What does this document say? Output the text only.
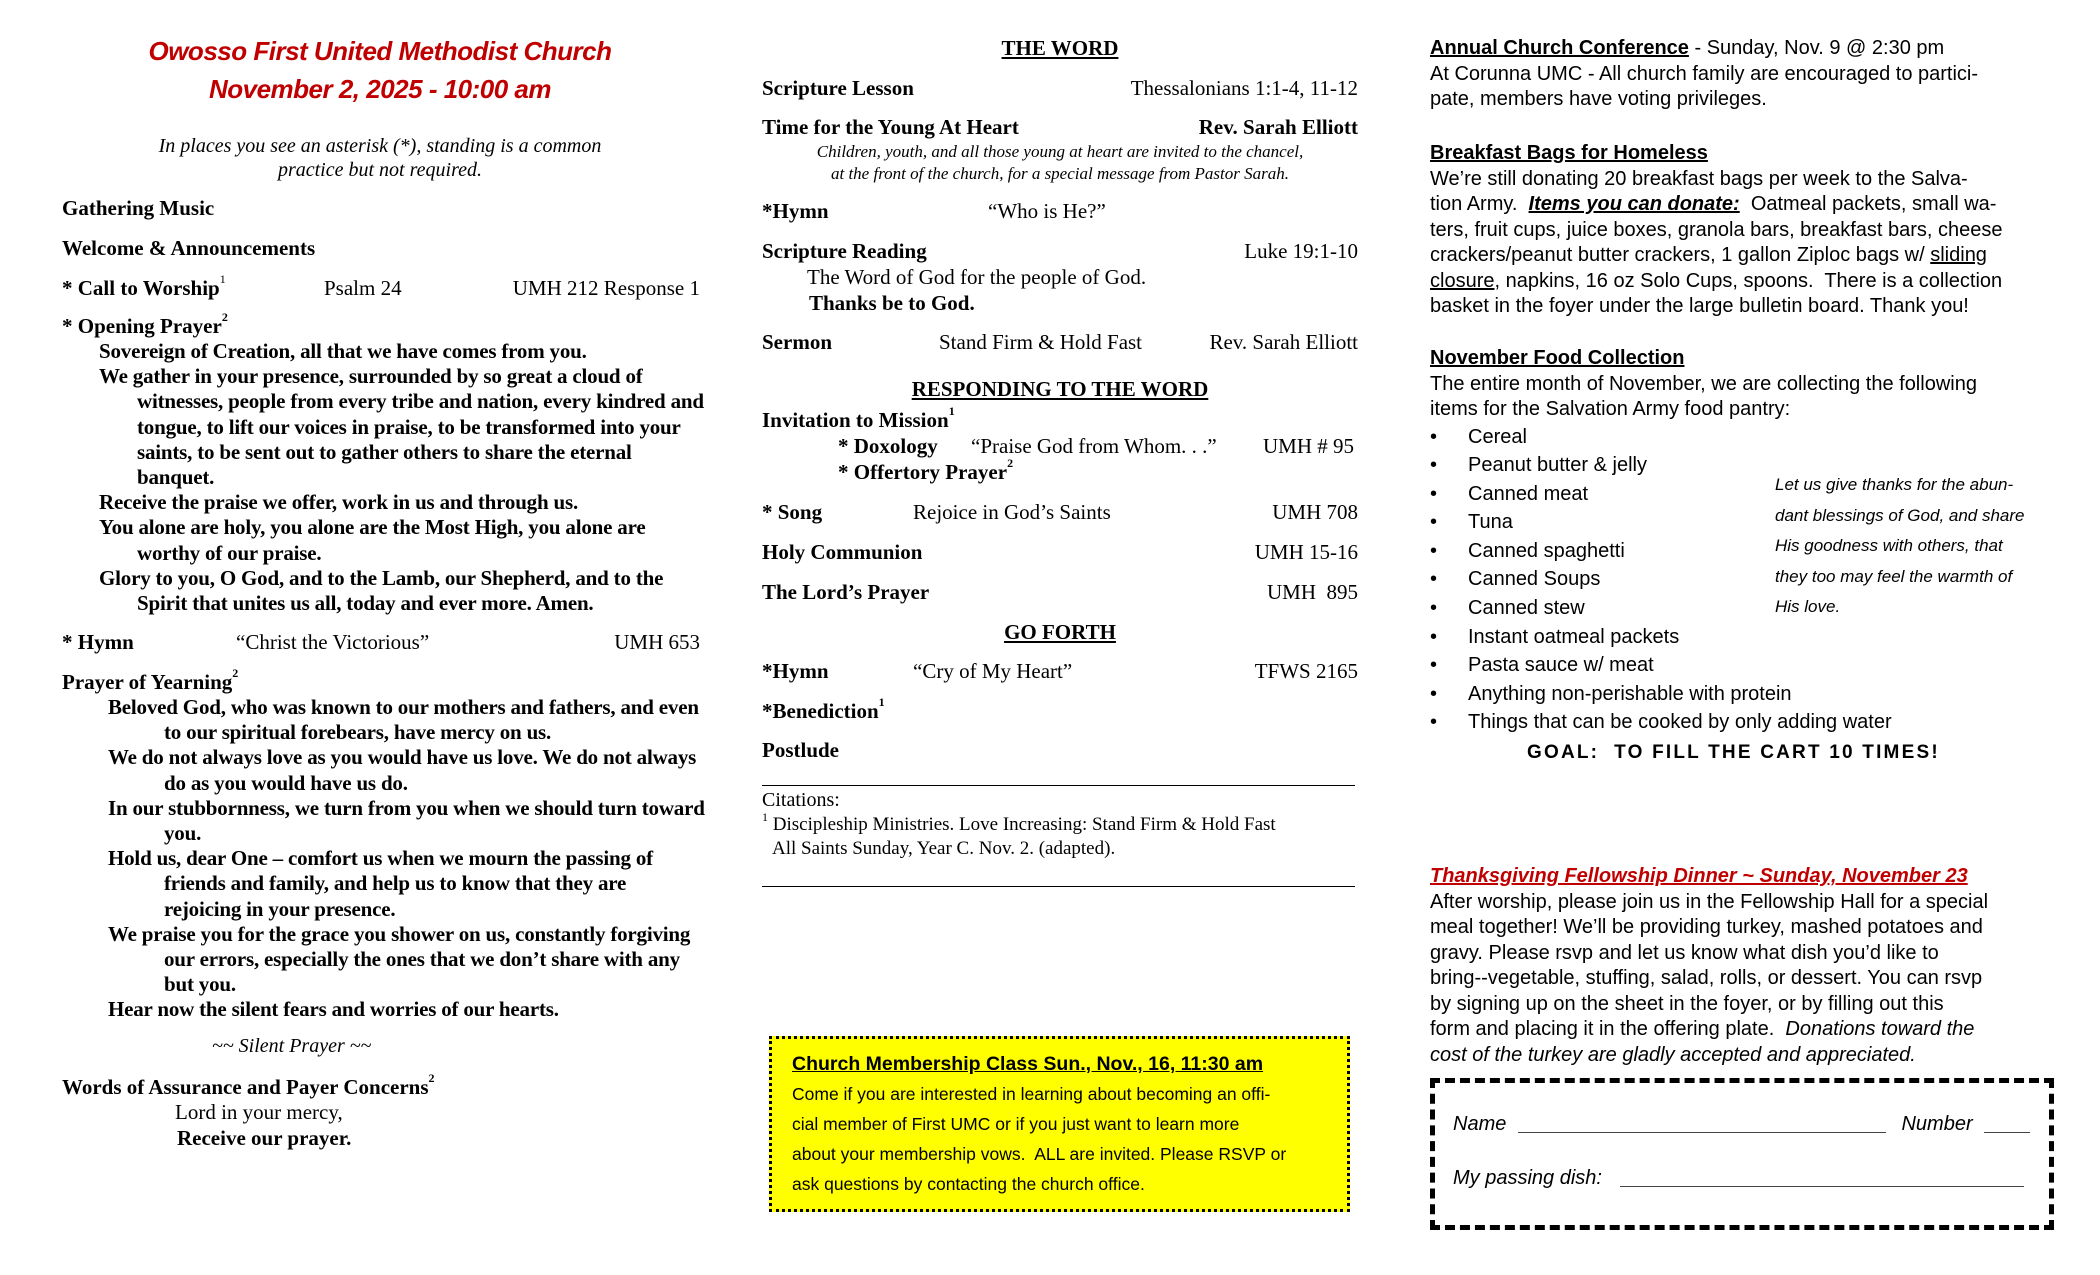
Owosso First United Methodist Church
November 2, 2025 - 10:00 am
In places you see an asterisk (*), standing is a common
practice but not required.
Gathering Music
Welcome & Announcements
* Call to Worship$^1$	Psalm 24	UMH 212 Response 1
* Opening Prayer$^2$

Sovereign of Creation, all that we have comes from you.

We gather in your presence, surrounded by so great a cloud of witnesses, people from every tribe and nation, every kindred and tongue, to lift our voices in praise, to be transformed into your saints, to be sent out to gather others to share the eternal banquet.

Receive the praise we offer, work in us and through us.

You alone are holy, you alone are the Most High, you alone are worthy of our praise.

Glory to you, O God, and to the Lamb, our Shepherd, and to the Spirit that unites us all, today and ever more. Amen.

* Hymn	“Christ the Victorious”	UMH 653
Prayer of Yearning$^2$

Beloved God, who was known to our mothers and fathers, and even to our spiritual forebears, have mercy on us.

We do not always love as you would have us love. We do not always do as you would have us do.

In our stubbornness, we turn from you when we should turn toward you.

Hold us, dear One – comfort us when we mourn the passing of friends and family, and help us to know that they are rejoicing in your presence.

We praise you for the grace you shower on us, constantly forgiving our errors, especially the ones that we don’t share with any but you.

Hear now the silent fears and worries of our hearts.

~~ Silent Prayer ~~
Words of Assurance and Payer Concerns$^2$
Lord in your mercy,
Receive our prayer.
THE WORD
Scripture Lesson	Thessalonians 1:1-4, 11-12
Time for the Young At Heart	Rev. Sarah Elliott
Children, youth, and all those young at heart are invited to the chancel,
at the front of the church, for a special message from Pastor Sarah.
*Hymn	“Who is He?”
Scripture Reading	Luke 19:1-10
The Word of God for the people of God.
Thanks be to God.
Sermon	Stand Firm & Hold Fast	Rev. Sarah Elliott
RESPONDING TO THE WORD
Invitation to Mission$^1$
* Doxology “Praise God from Whom. . .” UMH # 95
* Offertory Prayer$^2$
* Song	Rejoice in God’s Saints	UMH 708
Holy Communion	UMH 15-16
The Lord’s Prayer	UMH  895
GO FORTH
*Hymn	“Cry of My Heart”	TFWS 2165
*Benediction$^1$
Postlude
Citations:
$^1$ Discipleship Ministries. Love Increasing: Stand Firm & Hold Fast
All Saints Sunday, Year C. Nov. 2. (adapted).
Church Membership Class Sun., Nov., 16, 11:30 am
Come if you are interested in learning about becoming an offi-
cial member of First UMC or if you just want to learn more
about your membership vows.  ALL are invited. Please RSVP or
ask questions by contacting the church office.

Annual Church Conference - Sunday, Nov. 9 @ 2:30 pm

At Corunna UMC - All church family are encouraged to partici-

pate, members have voting privileges.

Breakfast Bags for Homeless

We’re still donating 20 breakfast bags per week to the Salva-

tion Army.  Items you can donate:  Oatmeal packets, small wa-

ters, fruit cups, juice boxes, granola bars, breakfast bars, cheese

crackers/peanut butter crackers, 1 gallon Ziploc bags w/ sliding

closure, napkins, 16 oz Solo Cups, spoons.  There is a collection

basket in the foyer under the large bulletin board. Thank you!

November Food Collection

The entire month of November, we are collecting the following

items for the Salvation Army food pantry:

• Cereal
• Peanut butter & jelly
• Canned meat
• Tuna
• Canned spaghetti
• Canned Soups
• Canned stew
• Instant oatmeal packets
• Pasta sauce w/ meat
• Anything non-perishable with protein
• Things that can be cooked by only adding water
GOAL:  TO FILL THE CART 10 TIMES!
Let us give thanks for the abun-
dant blessings of God, and share
His goodness with others, that
they too may feel the warmth of
His love.

Thanksgiving Fellowship Dinner ~ Sunday, November 23

After worship, please join us in the Fellowship Hall for a special

meal together! We’ll be providing turkey, mashed potatoes and

gravy. Please rsvp and let us know what dish you’d like to

bring--vegetable, stuffing, salad, rolls, or dessert. You can rsvp

by signing up on the sheet in the foyer, or by filling out this

form and placing it in the offering plate.  Donations toward the

cost of the turkey are gladly accepted and appreciated.

Name	Number
My passing dish:
